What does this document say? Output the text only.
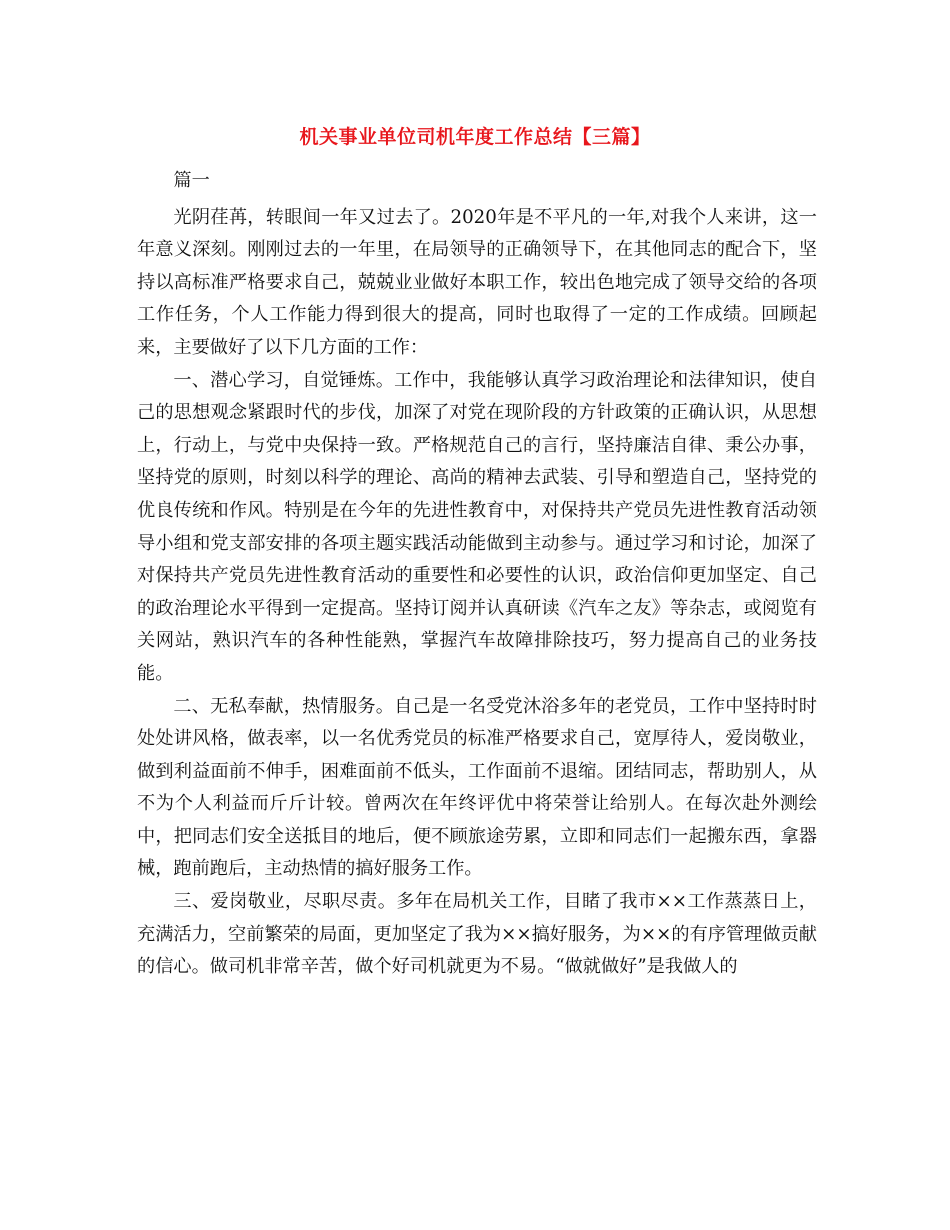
机关事业单位司机年度工作总结【三篇】

篇一

光阴荏苒，转眼间一年又过去了。2020年是不平凡的一年,对我个人来讲，这一年意义深刻。刚刚过去的一年里，在局领导的正确领导下，在其他同志的配合下，坚持以高标准严格要求自己，兢兢业业做好本职工作，较出色地完成了领导交给的各项工作任务，个人工作能力得到很大的提高，同时也取得了一定的工作成绩。回顾起来，主要做好了以下几方面的工作：

一、潜心学习，自觉锤炼。工作中，我能够认真学习政治理论和法律知识，使自己的思想观念紧跟时代的步伐，加深了对党在现阶段的方针政策的正确认识，从思想上，行动上，与党中央保持一致。严格规范自己的言行，坚持廉洁自律、秉公办事，坚持党的原则，时刻以科学的理论、高尚的精神去武装、引导和塑造自己，坚持党的优良传统和作风。特别是在今年的先进性教育中，对保持共产党员先进性教育活动领导小组和党支部安排的各项主题实践活动能做到主动参与。通过学习和讨论，加深了对保持共产党员先进性教育活动的重要性和必要性的认识，政治信仰更加坚定、自己的政治理论水平得到一定提高。坚持订阅并认真研读《汽车之友》等杂志，或阅览有关网站，熟识汽车的各种性能熟，掌握汽车故障排除技巧，努力提高自己的业务技能。

二、无私奉献，热情服务。自己是一名受党沐浴多年的老党员，工作中坚持时时处处讲风格，做表率，以一名优秀党员的标准严格要求自己，宽厚待人，爱岗敬业，做到利益面前不伸手，困难面前不低头，工作面前不退缩。团结同志，帮助别人，从不为个人利益而斤斤计较。曾两次在年终评优中将荣誉让给别人。在每次赴外测绘中，把同志们安全送抵目的地后，便不顾旅途劳累，立即和同志们一起搬东西，拿器械，跑前跑后，主动热情的搞好服务工作。

三、爱岗敬业，尽职尽责。多年在局机关工作，目睹了我市××工作蒸蒸日上，充满活力，空前繁荣的局面，更加坚定了我为××搞好服务，为××的有序管理做贡献的信心。做司机非常辛苦，做个好司机就更为不易。“做就做好”是我做人的
